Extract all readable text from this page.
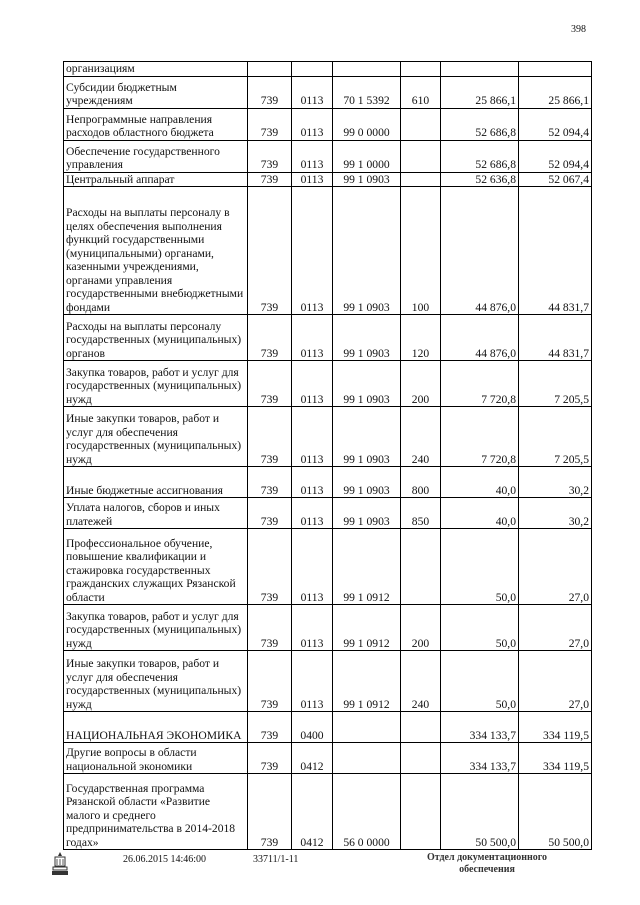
398
организациям						
Субсидии бюджетным учреждениям	739	0113	70 1 5392	610	25 866,1	25 866,1
Непрограммные направления расходов областного бюджета	739	0113	99 0 0000		52 686,8	52 094,4
Обеспечение государственного управления	739	0113	99 1 0000		52 686,8	52 094,4
Центральный аппарат	739	0113	99 1 0903		52 636,8	52 067,4
Расходы на выплаты персоналу в целях обеспечения выполнения функций государственными (муниципальными) органами, казенными учреждениями, органами управления государственными внебюджетными фондами	739	0113	99 1 0903	100	44 876,0	44 831,7
Расходы на выплаты персоналу государственных (муниципальных) органов	739	0113	99 1 0903	120	44 876,0	44 831,7
Закупка товаров, работ и услуг для государственных (муниципальных) нужд	739	0113	99 1 0903	200	7 720,8	7 205,5
Иные закупки товаров, работ и услуг для обеспечения государственных (муниципальных) нужд	739	0113	99 1 0903	240	7 720,8	7 205,5
Иные бюджетные ассигнования	739	0113	99 1 0903	800	40,0	30,2
Уплата налогов, сборов и иных платежей	739	0113	99 1 0903	850	40,0	30,2
Профессиональное обучение, повышение квалификации и стажировка государственных гражданских служащих Рязанской области	739	0113	99 1 0912		50,0	27,0
Закупка товаров, работ и услуг для государственных (муниципальных) нужд	739	0113	99 1 0912	200	50,0	27,0
Иные закупки товаров, работ и услуг для обеспечения государственных (муниципальных) нужд	739	0113	99 1 0912	240	50,0	27,0
НАЦИОНАЛЬНАЯ ЭКОНОМИКА	739	0400			334 133,7	334 119,5
Другие вопросы в области национальной экономики	739	0412			334 133,7	334 119,5
Государственная программа Рязанской области «Развитие малого и среднего предпринимательства в 2014-2018 годах»	739	0412	56 0 0000		50 500,0	50 500,0
26.06.2015 14:46:00	33711/1-11	Отдел документационного обеспечения
